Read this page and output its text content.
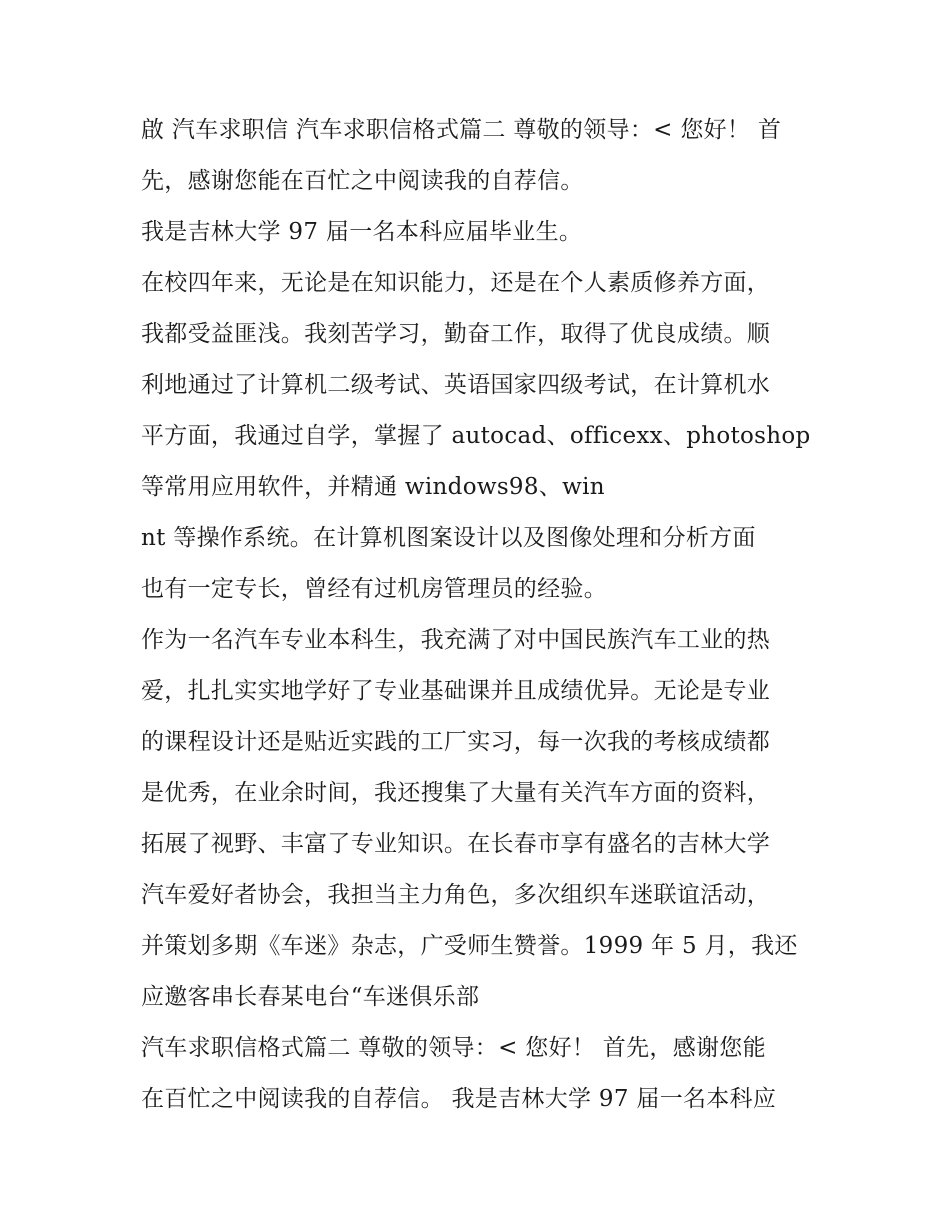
啟 汽车求职信 汽车求职信格式篇二 尊敬的领导：< 您好！ 首
先，感谢您能在百忙之中阅读我的自荐信。
我是吉林大学 97 届一名本科应届毕业生。
在校四年来，无论是在知识能力，还是在个人素质修养方面，
我都受益匪浅。我刻苦学习，勤奋工作，取得了优良成绩。顺
利地通过了计算机二级考试、英语国家四级考试，在计算机水
平方面，我通过自学，掌握了 autocad、officexx、photoshop
等常用应用软件，并精通 windows98、win
nt 等操作系统。在计算机图案设计以及图像处理和分析方面
也有一定专长，曾经有过机房管理员的经验。
作为一名汽车专业本科生，我充满了对中国民族汽车工业的热
爱，扎扎实实地学好了专业基础课并且成绩优异。无论是专业
的课程设计还是贴近实践的工厂实习，每一次我的考核成绩都
是优秀，在业余时间，我还搜集了大量有关汽车方面的资料，
拓展了视野、丰富了专业知识。在长春市享有盛名的吉林大学
汽车爱好者协会，我担当主力角色，多次组织车迷联谊活动，
并策划多期《车迷》杂志，广受师生赞誉。1999 年 5 月，我还
应邀客串长春某电台“车迷俱乐部
汽车求职信格式篇二 尊敬的领导：< 您好！ 首先，感谢您能
在百忙之中阅读我的自荐信。 我是吉林大学 97 届一名本科应
